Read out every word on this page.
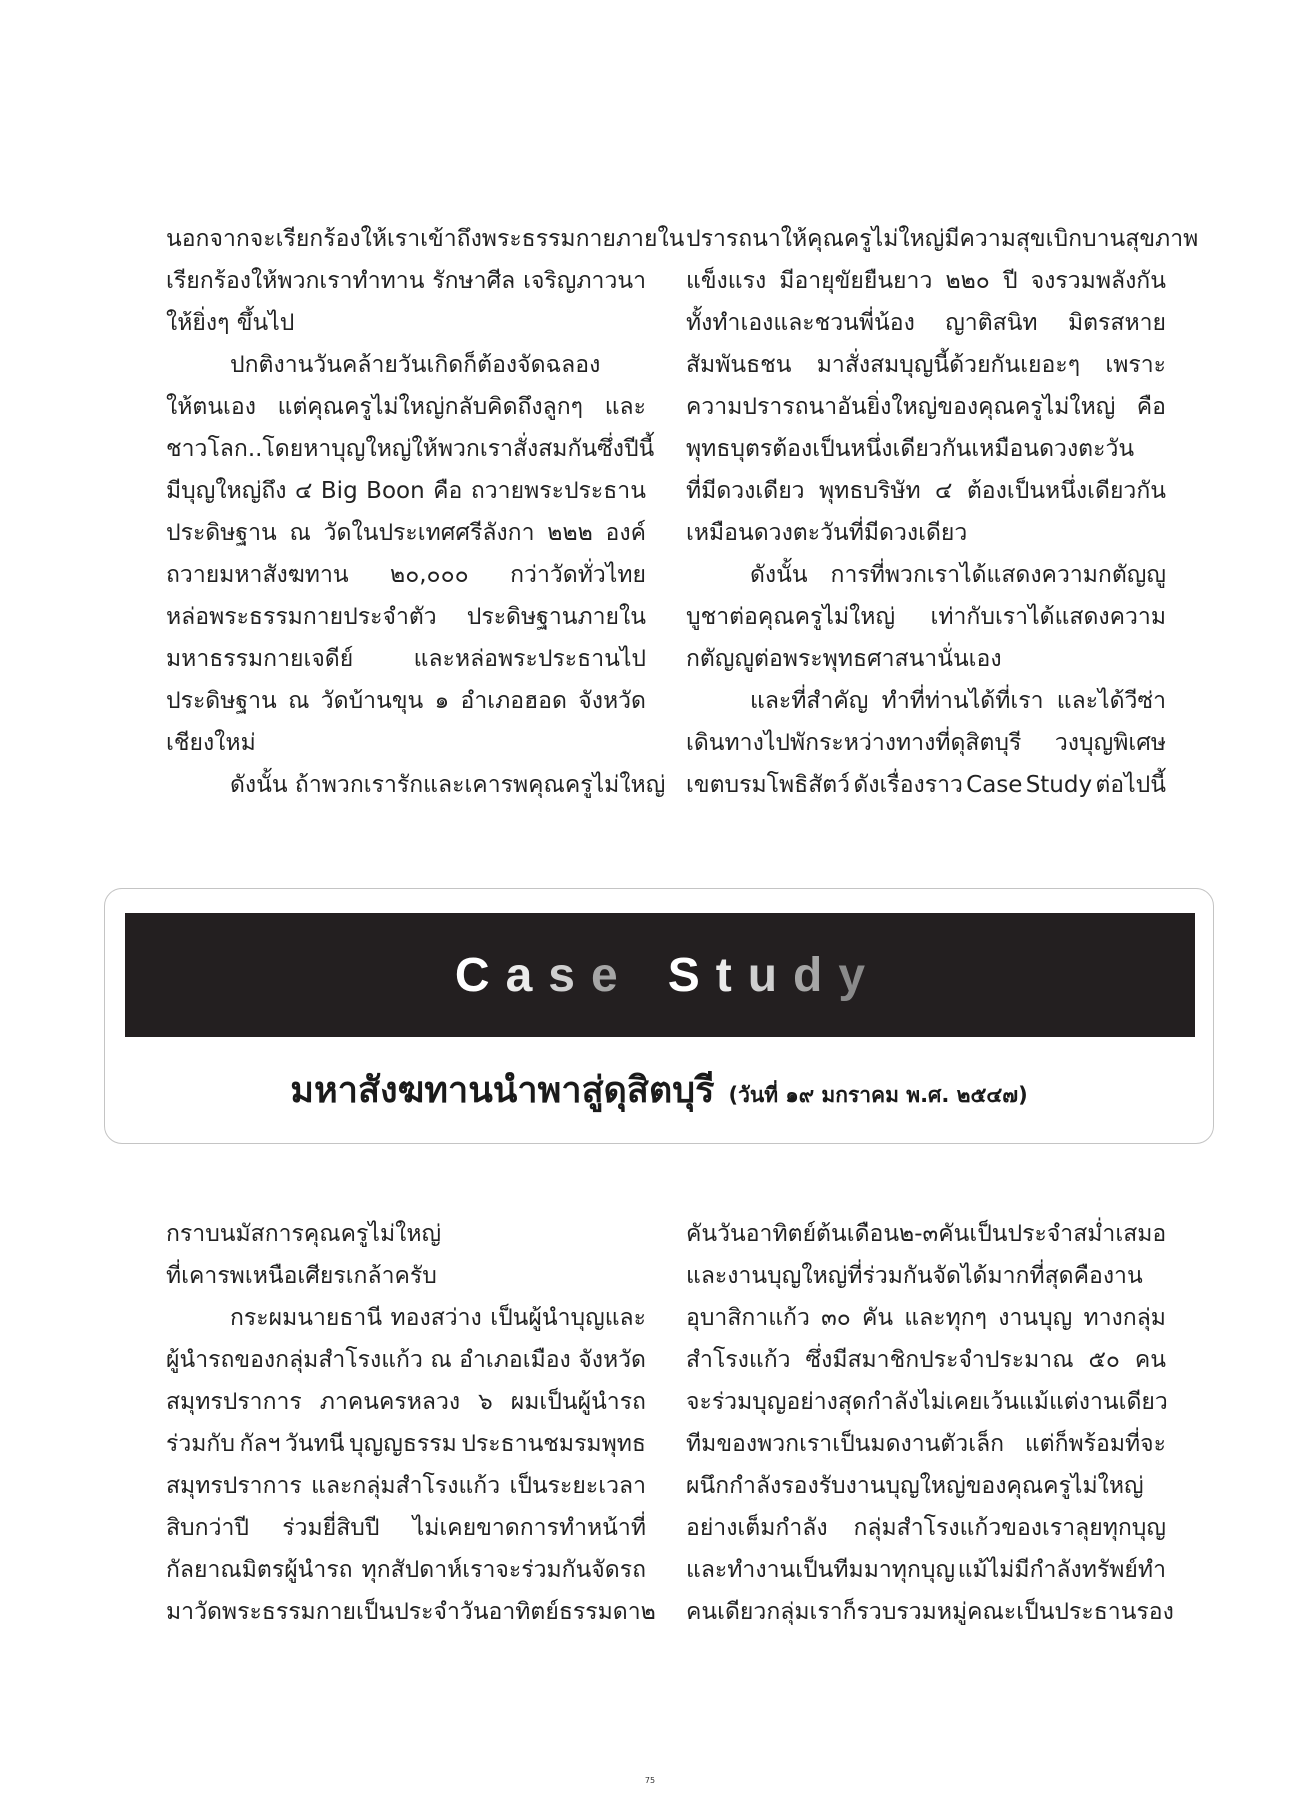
นอกจากจะเรียกร้องให้เราเข้าถึงพระธรรมกายภายใน
เรียกร้องให้พวกเราทำทาน รักษาศีล เจริญภาวนา
ให้ยิ่งๆ ขึ้นไป
ปกติงานวันคล้ายวันเกิดก็ต้องจัดฉลอง
ให้ตนเอง แต่คุณครูไม่ใหญ่กลับคิดถึงลูกๆ และ
ชาวโลก..โดยหาบุญใหญ่ให้พวกเราสั่งสมกัน ซึ่งปีนี้
มีบุญใหญ่ถึง ๔ Big Boon คือ ถวายพระประธาน
ประดิษฐาน ณ วัดในประเทศศรีลังกา ๒๒๒ องค์
ถวายมหาสังฆทาน ๒๐,๐๐๐ กว่าวัดทั่วไทย
หล่อพระธรรมกายประจำตัว ประดิษฐานภายใน
มหาธรรมกายเจดีย์	และหล่อพระประธานไป
ประดิษฐาน ณ วัดบ้านขุน ๑ อำเภอฮอด จังหวัด
เชียงใหม่
ดังนั้น ถ้าพวกเรารักและเคารพคุณครูไม่ใหญ่
ปรารถนาให้คุณครูไม่ใหญ่มีความสุขเบิกบานสุขภาพ
แข็งแรง มีอายุขัยยืนยาว ๒๒๐ ปี จงรวมพลังกัน
ทั้งทำเองและชวนพี่น้อง ญาติสนิท มิตรสหาย
สัมพันธชน มาสั่งสมบุญนี้ด้วยกันเยอะๆ เพราะ
ความปรารถนาอันยิ่งใหญ่ของคุณครูไม่ใหญ่ คือ
พุทธบุตรต้องเป็นหนึ่งเดียวกันเหมือนดวงตะวัน
ที่มีดวงเดียว พุทธบริษัท ๔ ต้องเป็นหนึ่งเดียวกัน
เหมือนดวงตะวันที่มีดวงเดียว
ดังนั้น การที่พวกเราได้แสดงความกตัญญู
บูชาต่อคุณครูไม่ใหญ่ เท่ากับเราได้แสดงความ
กตัญญูต่อพระพุทธศาสนานั่นเอง
และที่สำคัญ ทำที่ท่านได้ที่เรา และได้วีซ่า
เดินทางไปพักระหว่างทางที่ดุสิตบุรี วงบุญพิเศษ
เขตบรมโพธิสัตว์ ดังเรื่องราว Case Study ต่อไปนี้
C a s e
S t u d y
มหาสังฆทานนำพาสู่ดุสิตบุรี (วันที่ ๑๙ มกราคม พ.ศ. ๒๕๔๗)
กราบนมัสการคุณครูไม่ใหญ่
ที่เคารพเหนือเศียรเกล้าครับ
กระผมนายธานี ทองสว่าง เป็นผู้นำบุญและ
ผู้นำรถของกลุ่มสำโรงแก้ว ณ อำเภอเมือง จังหวัด
สมุทรปราการ ภาคนครหลวง ๖ ผมเป็นผู้นำรถ
ร่วมกับ กัลฯ วันทนี บุญญธรรม ประธานชมรมพุทธ
สมุทรปราการ และกลุ่มสำโรงแก้ว เป็นระยะเวลา
สิบกว่าปี ร่วมยี่สิบปี ไม่เคยขาดการทำหน้าที่
กัลยาณมิตรผู้นำรถ ทุกสัปดาห์เราจะร่วมกันจัดรถ
มาวัดพระธรรมกายเป็นประจำ วันอาทิตย์ธรรมดา ๒
คัน วันอาทิตย์ต้นเดือน ๒-๓ คัน เป็นประจำสม่ำเสมอ
และงานบุญใหญ่ที่ร่วมกันจัดได้มากที่สุดคืองาน
อุบาสิกาแก้ว ๓๐ คัน และทุกๆ งานบุญ ทางกลุ่ม
สำโรงแก้ว ซึ่งมีสมาชิกประจำประมาณ ๕๐ คน
จะร่วมบุญอย่างสุดกำลังไม่เคยเว้นแม้แต่งานเดียว
ทีมของพวกเราเป็นมดงานตัวเล็ก แต่ก็พร้อมที่จะ
ผนึกกำลังรองรับงานบุญใหญ่ของคุณครูไม่ใหญ่
อย่างเต็มกำลัง กลุ่มสำโรงแก้วของเราลุยทุกบุญ
และทำงานเป็นทีมมาทุกบุญ แม้ไม่มีกำลังทรัพย์ทำ
คนเดียว กลุ่มเราก็รวบรวมหมู่คณะเป็นประธานรอง
75
